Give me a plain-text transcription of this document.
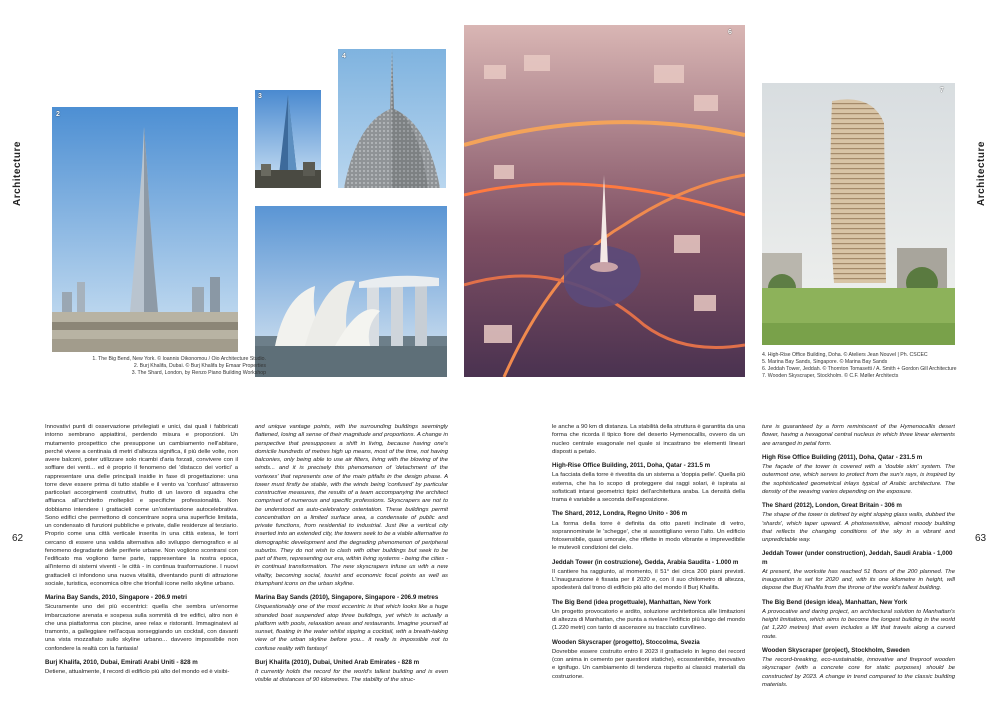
Architecture	Architecture
62	63
2
3
4
6
7

1. The Big Bend, New York. © Ioannis Oikonomou / Oio Architecture Studio.

2. Burj Khalifa, Dubai. © Burj Khalifa by Emaar Properties

3. The Shard, London, by Renzo Piano Building Workshop

4. High-Rise Office Building, Doha. © Ateliers Jean Nouvel | Ph. CSCEC

5. Marina Bay Sands, Singapore. © Marina Bay Sands

6. Jeddah Tower, Jeddah. © Thornton Tomasetti / A. Smith + Gordon Gill Architecture

7. Wooden Skyscraper, Stockholm. © C.F. Møller Architects

Innovativi punti di osservazione privilegiati e unici, dai quali i fabbricati intorno sembrano appiattirsi, perdendo misura e proporzioni. Un mutamento prospettico che presuppone un cambiamento nell'abitare, perché vivere a centinaia di metri d'altezza significa, il più delle volte, non avere balconi, poter utilizzare solo ricambi d'aria forzati, convivere con il soffiare dei venti... ed è proprio il fenomeno del 'distacco dei vortici' a rappresentare una delle principali insidie in fase di progettazione: una torre deve essere prima di tutto stabile e il vento va 'confuso' attraverso particolari accorgimenti costruttivi, frutto di un lavoro di squadra che affianca all'architetto molteplici e specifiche professionalità. Non dobbiamo intendere i grattacieli come un'ostentazione autocelebrativa. Sono edifici che permettono di concentrare sopra una superficie limitata, un condensato di funzioni pubbliche e private, dalle residenze al terziario. Proprio come una città verticale inserita in una città estesa, le torri cercano di essere una valida alternativa allo sviluppo demografico e al fenomeno degradante delle periferie urbane. Non vogliono scontrarsi con l'edificato ma vogliono farne parte, rappresentare la nostra epoca, all'interno di sistemi viventi - le città - in continua trasformazione. I nuovi grattacieli ci infondono una nuova vitalità, diventando punti di attrazione sociale, turistica, economica oltre che trionfali icone nello skyline urbano.

Marina Bay Sands, 2010, Singapore - 206.9 metri

Sicuramente uno dei più eccentrici: quella che sembra un'enorme imbarcazione arenata e sospesa sulla sommità di tre edifici, altro non è che una piattaforma con piscine, aree relax e ristoranti. Immaginatevi al tramonto, a galleggiare nell'acqua sorseggiando un cocktail, con davanti una vista mozzafiato sullo skyline urbano... davvero impossibile non confondere la realtà con la fantasia!

Burj Khalifa, 2010, Dubai, Emirati Arabi Uniti - 828 m

Detiene, attualmente, il record di edificio più alto del mondo ed è visibi-

and unique vantage points, with the surrounding buildings seemingly flattened, losing all sense of their magnitude and proportions. A change in perspective that presupposes a shift in living, because having one's domicile hundreds of metres high up means, most of the time, not having balconies, only being able to use air filters, living with the blowing of the winds... and it is precisely this phenomenon of 'detachment of the vortexes' that represents one of the main pitfalls in the design phase. A tower must firstly be stable, with the winds being 'confused' by particular constructive measures, the results of a team accompanying the architect comprised of numerous and specific professions. Skyscrapers are not to be understood as auto-celebratory ostentation. These buildings permit concentration on a limited surface area, a condensate of public and private functions, from residential to industrial. Just like a vertical city inserted into an extended city, the towers seek to be a viable alternative to demographic development and the degrading phenomenon of peripheral suburbs. They do not wish to clash with other buildings but seek to be part of them, representing our era, within living systems - being the cities - in continual transformation. The new skyscrapers infuse us with a new vitality, becoming social, tourist and economic focal points as well as triumphant icons on the urban skyline.

Marina Bay Sands (2010), Singapore, Singapore - 206.9 metres

Unquestionably one of the most eccentric is that which looks like a huge stranded boat suspended atop three buildings, yet which is actually a platform with pools, relaxation areas and restaurants. Imagine yourself at sunset, floating in the water whilst sipping a cocktail, with a breath-taking view of the urban skyline before you... it really is impossible not to confuse reality with fantasy!

Burj Khalifa (2010), Dubai, United Arab Emirates - 828 m

It currently holds the record for the world's tallest building and is even visible at distances of 90 kilometres. The stability of the struc-

le anche a 90 km di distanza. La stabilità della struttura è garantita da una forma che ricorda il tipico fiore del deserto Hymenocallis, ovvero da un nucleo centrale esagonale nel quale si incastrano tre elementi lineari disposti a petalo.

High-Rise Office Building, 2011, Doha, Qatar - 231.5 m

La facciata della torre è rivestita da un sistema a 'doppia pelle'. Quella più esterna, che ha lo scopo di proteggere dai raggi solari, è ispirata ai sofisticati intarsi geometrici tipici dell'architettura araba. La densità della trama è variabile a seconda dell'esposizione.

The Shard, 2012, Londra, Regno Unito - 306 m

La forma della torre è definita da otto pareti inclinate di vetro, soprannominate le 'schegge', che si assottigliano verso l'alto. Un edificio fotosensibile, quasi umorale, che riflette in modo vibrante e imprevedibile le mutevoli condizioni del cielo.

Jeddah Tower (in costruzione), Gedda, Arabia Saudita - 1.000 m

Il cantiere ha raggiunto, al momento, il 51° dei circa 200 piani previsti. L'inaugurazione è fissata per il 2020 e, con il suo chilometro di altezza, spodesterà dal trono di edificio più alto del mondo il Burj Khalifa.

The Big Bend (idea progettuale), Manhattan, New York

Un progetto provocatorio e ardito, soluzione architettonica alle limitazioni di altezza di Manhattan, che punta a rivelare l'edificio più lungo del mondo (1.220 metri) con tanto di ascensore su tracciato curvilineo.

Wooden Skyscraper (progetto), Stoccolma, Svezia

Dovrebbe essere costruito entro il 2023 il grattacielo in legno dei record (con anima in cemento per questioni statiche), ecosostenibile, innovativo e ignifugo. Un cambiamento di tendenza rispetto ai classici materiali da costruzione.

ture is guaranteed by a form reminiscent of the Hymenocallis desert flower, having a hexagonal central nucleus in which three linear elements are arranged in petal form.

High Rise Office Building (2011), Doha, Qatar - 231.5 m

The façade of the tower is covered with a 'double skin' system. The outermost one, which serves to protect from the sun's rays, is inspired by the sophisticated geometrical inlays typical of Arabic architecture. The density of the weaving varies depending on the exposure.

The Shard (2012), London, Great Britain - 306 m

The shape of the tower is defined by eight sloping glass walls, dubbed the 'shards', which taper upward. A photosensitive, almost moody building that reflects the changing conditions of the sky in a vibrant and unpredictable way.

Jeddah Tower (under construction), Jeddah, Saudi Arabia - 1,000 m

At present, the worksite has reached 51 floors of the 200 planned. The inauguration is set for 2020 and, with its one kilometre in height, will depose the Burj Khalifa from the throne of the world's tallest building.

The Big Bend (design idea), Manhattan, New York

A provocative and daring project, an architectural solution to Manhattan's height limitations, which aims to become the longest building in the world (at 1,220 metres) that even includes a lift that travels along a curved route.

Wooden Skyscraper (project), Stockholm, Sweden

The record-breaking, eco-sustainable, innovative and fireproof wooden skyscraper (with a concrete core for static purposes) should be constructed by 2023. A change in trend compared to the classic building materials.
